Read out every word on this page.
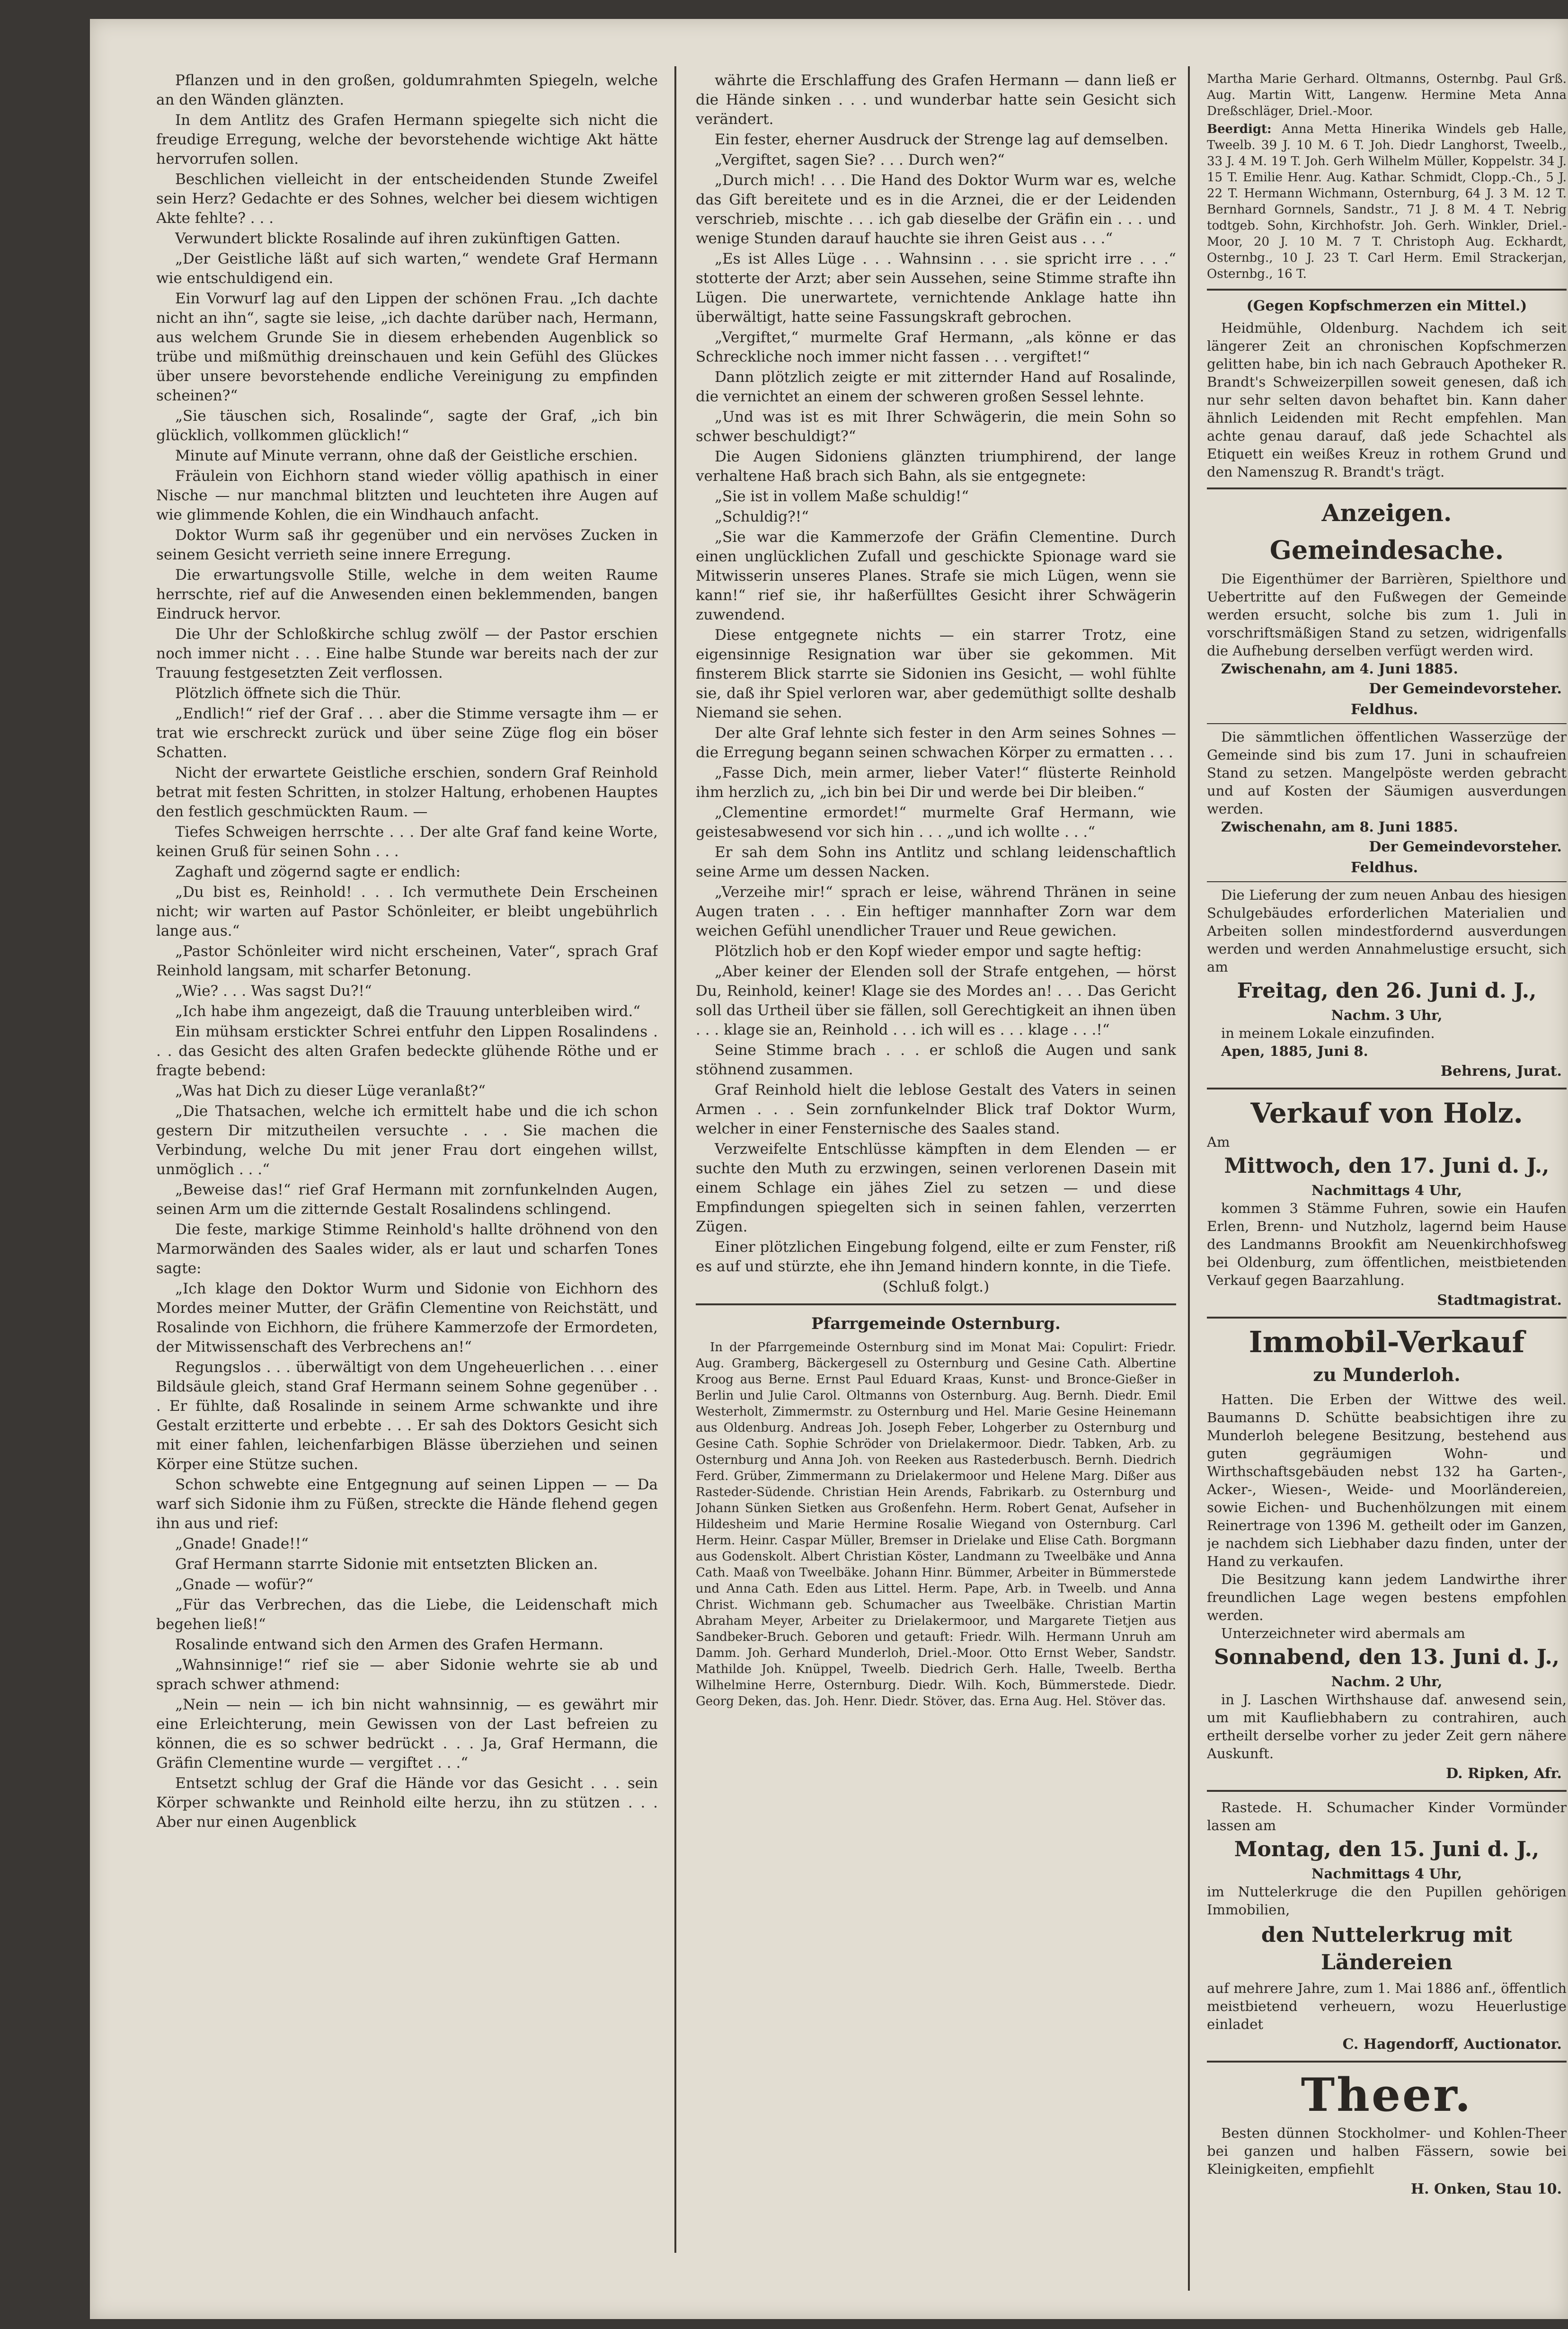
Pflanzen und in den großen, goldumrahmten Spiegeln, welche an den Wänden glänzten.

In dem Antlitz des Grafen Hermann spiegelte sich nicht die freudige Erregung, welche der bevorstehende wichtige Akt hätte hervorrufen sollen.

Beschlichen vielleicht in der entscheidenden Stunde Zweifel sein Herz? Gedachte er des Sohnes, welcher bei diesem wichtigen Akte fehlte? . . .

Verwundert blickte Rosalinde auf ihren zukünftigen Gatten.

„Der Geistliche läßt auf sich warten,“ wendete Graf Hermann wie entschuldigend ein.

Ein Vorwurf lag auf den Lippen der schönen Frau. „Ich dachte nicht an ihn“, sagte sie leise, „ich dachte darüber nach, Hermann, aus welchem Grunde Sie in diesem erhebenden Augenblick so trübe und mißmüthig dreinschauen und kein Gefühl des Glückes über unsere bevorstehende endliche Vereinigung zu empfinden scheinen?“

„Sie täuschen sich, Rosalinde“, sagte der Graf, „ich bin glücklich, vollkommen glücklich!“

Minute auf Minute verrann, ohne daß der Geistliche erschien.

Fräulein von Eichhorn stand wieder völlig apathisch in einer Nische — nur manchmal blitzten und leuchteten ihre Augen auf wie glimmende Kohlen, die ein Windhauch anfacht.

Doktor Wurm saß ihr gegenüber und ein nervöses Zucken in seinem Gesicht verrieth seine innere Erregung.

Die erwartungsvolle Stille, welche in dem weiten Raume herrschte, rief auf die Anwesenden einen beklemmenden, bangen Eindruck hervor.

Die Uhr der Schloßkirche schlug zwölf — der Pastor erschien noch immer nicht . . . Eine halbe Stunde war bereits nach der zur Trauung festgesetzten Zeit verflossen.

Plötzlich öffnete sich die Thür.

„Endlich!“ rief der Graf . . . aber die Stimme versagte ihm — er trat wie erschreckt zurück und über seine Züge flog ein böser Schatten.

Nicht der erwartete Geistliche erschien, sondern Graf Reinhold betrat mit festen Schritten, in stolzer Haltung, erhobenen Hauptes den festlich geschmückten Raum. —

Tiefes Schweigen herrschte . . . Der alte Graf fand keine Worte, keinen Gruß für seinen Sohn . . .

Zaghaft und zögernd sagte er endlich:

„Du bist es, Reinhold! . . . Ich vermuthete Dein Erscheinen nicht; wir warten auf Pastor Schönleiter, er bleibt ungebührlich lange aus.“

„Pastor Schönleiter wird nicht erscheinen, Vater“, sprach Graf Reinhold langsam, mit scharfer Betonung.

„Wie? . . . Was sagst Du?!“

„Ich habe ihm angezeigt, daß die Trauung unterbleiben wird.“

Ein mühsam erstickter Schrei entfuhr den Lippen Rosalindens . . . das Gesicht des alten Grafen bedeckte glühende Röthe und er fragte bebend:

„Was hat Dich zu dieser Lüge veranlaßt?“

„Die Thatsachen, welche ich ermittelt habe und die ich schon gestern Dir mitzutheilen versuchte . . . Sie machen die Verbindung, welche Du mit jener Frau dort eingehen willst, unmöglich . . .“

„Beweise das!“ rief Graf Hermann mit zornfunkelnden Augen, seinen Arm um die zitternde Gestalt Rosalindens schlingend.

Die feste, markige Stimme Reinhold's hallte dröhnend von den Marmorwänden des Saales wider, als er laut und scharfen Tones sagte:

„Ich klage den Doktor Wurm und Sidonie von Eichhorn des Mordes meiner Mutter, der Gräfin Clementine von Reichstätt, und Rosalinde von Eichhorn, die frühere Kammerzofe der Ermordeten, der Mitwissenschaft des Verbrechens an!“

Regungslos . . . überwältigt von dem Ungeheuerlichen . . . einer Bildsäule gleich, stand Graf Hermann seinem Sohne gegenüber . . . Er fühlte, daß Rosalinde in seinem Arme schwankte und ihre Gestalt erzitterte und erbebte . . . Er sah des Doktors Gesicht sich mit einer fahlen, leichenfarbigen Blässe überziehen und seinen Körper eine Stütze suchen.

Schon schwebte eine Entgegnung auf seinen Lippen — — Da warf sich Sidonie ihm zu Füßen, streckte die Hände flehend gegen ihn aus und rief:

„Gnade! Gnade!!“

Graf Hermann starrte Sidonie mit entsetzten Blicken an.

„Gnade — wofür?“

„Für das Verbrechen, das die Liebe, die Leidenschaft mich begehen ließ!“

Rosalinde entwand sich den Armen des Grafen Hermann.

„Wahnsinnige!“ rief sie — aber Sidonie wehrte sie ab und sprach schwer athmend:

„Nein — nein — ich bin nicht wahnsinnig, — es gewährt mir eine Erleichterung, mein Gewissen von der Last befreien zu können, die es so schwer bedrückt . . . Ja, Graf Hermann, die Gräfin Clementine wurde — vergiftet . . .“

Entsetzt schlug der Graf die Hände vor das Gesicht . . . sein Körper schwankte und Reinhold eilte herzu, ihn zu stützen . . . Aber nur einen Augenblick

währte die Erschlaffung des Grafen Hermann — dann ließ er die Hände sinken . . . und wunderbar hatte sein Gesicht sich verändert.

Ein fester, eherner Ausdruck der Strenge lag auf demselben.

„Vergiftet, sagen Sie? . . . Durch wen?“

„Durch mich! . . . Die Hand des Doktor Wurm war es, welche das Gift bereitete und es in die Arznei, die er der Leidenden verschrieb, mischte . . . ich gab dieselbe der Gräfin ein . . . und wenige Stunden darauf hauchte sie ihren Geist aus . . .“

„Es ist Alles Lüge . . . Wahnsinn . . . sie spricht irre . . .“ stotterte der Arzt; aber sein Aussehen, seine Stimme strafte ihn Lügen. Die unerwartete, vernichtende Anklage hatte ihn überwältigt, hatte seine Fassungskraft gebrochen.

„Vergiftet,“ murmelte Graf Hermann, „als könne er das Schreckliche noch immer nicht fassen . . . vergiftet!“

Dann plötzlich zeigte er mit zitternder Hand auf Rosalinde, die vernichtet an einem der schweren großen Sessel lehnte.

„Und was ist es mit Ihrer Schwägerin, die mein Sohn so schwer beschuldigt?“

Die Augen Sidoniens glänzten triumphirend, der lange verhaltene Haß brach sich Bahn, als sie entgegnete:

„Sie ist in vollem Maße schuldig!“

„Schuldig?!“

„Sie war die Kammerzofe der Gräfin Clementine. Durch einen unglücklichen Zufall und geschickte Spionage ward sie Mitwisserin unseres Planes. Strafe sie mich Lügen, wenn sie kann!“ rief sie, ihr haßerfülltes Gesicht ihrer Schwägerin zuwendend.

Diese entgegnete nichts — ein starrer Trotz, eine eigensinnige Resignation war über sie gekommen. Mit finsterem Blick starrte sie Sidonien ins Gesicht, — wohl fühlte sie, daß ihr Spiel verloren war, aber gedemüthigt sollte deshalb Niemand sie sehen.

Der alte Graf lehnte sich fester in den Arm seines Sohnes — die Erregung begann seinen schwachen Körper zu ermatten . . .

„Fasse Dich, mein armer, lieber Vater!“ flüsterte Reinhold ihm herzlich zu, „ich bin bei Dir und werde bei Dir bleiben.“

„Clementine ermordet!“ murmelte Graf Hermann, wie geistesabwesend vor sich hin . . . „und ich wollte . . .“

Er sah dem Sohn ins Antlitz und schlang leidenschaftlich seine Arme um dessen Nacken.

„Verzeihe mir!“ sprach er leise, während Thränen in seine Augen traten . . . Ein heftiger mannhafter Zorn war dem weichen Gefühl unendlicher Trauer und Reue gewichen.

Plötzlich hob er den Kopf wieder empor und sagte heftig:

„Aber keiner der Elenden soll der Strafe entgehen, — hörst Du, Reinhold, keiner! Klage sie des Mordes an! . . . Das Gericht soll das Urtheil über sie fällen, soll Gerechtigkeit an ihnen üben . . . klage sie an, Reinhold . . . ich will es . . . klage . . .!“

Seine Stimme brach . . . er schloß die Augen und sank stöhnend zusammen.

Graf Reinhold hielt die leblose Gestalt des Vaters in seinen Armen . . . Sein zornfunkelnder Blick traf Doktor Wurm, welcher in einer Fensternische des Saales stand.

Verzweifelte Entschlüsse kämpften in dem Elenden — er suchte den Muth zu erzwingen, seinen verlorenen Dasein mit einem Schlage ein jähes Ziel zu setzen — und diese Empfindungen spiegelten sich in seinen fahlen, verzerrten Zügen.

Einer plötzlichen Eingebung folgend, eilte er zum Fenster, riß es auf und stürzte, ehe ihn Jemand hindern konnte, in die Tiefe.

(Schluß folgt.)

Pfarrgemeinde Osternburg.

In der Pfarrgemeinde Osternburg sind im Monat Mai: Copulirt: Friedr. Aug. Gramberg, Bäckergesell zu Osternburg und Gesine Cath. Albertine Kroog aus Berne. Ernst Paul Eduard Kraas, Kunst- und Bronce-Gießer in Berlin und Julie Carol. Oltmanns von Osternburg. Aug. Bernh. Diedr. Emil Westerholt, Zimmermstr. zu Osternburg und Hel. Marie Gesine Heinemann aus Oldenburg. Andreas Joh. Joseph Feber, Lohgerber zu Osternburg und Gesine Cath. Sophie Schröder von Drielakermoor. Diedr. Tabken, Arb. zu Osternburg und Anna Joh. von Reeken aus Rastederbusch. Bernh. Diedrich Ferd. Grüber, Zimmermann zu Drielakermoor und Helene Marg. Dißer aus Rasteder-Südende. Christian Hein Arends, Fabrikarb. zu Osternburg und Johann Sünken Sietken aus Großenfehn. Herm. Robert Genat, Aufseher in Hildesheim und Marie Hermine Rosalie Wiegand von Osternburg. Carl Herm. Heinr. Caspar Müller, Bremser in Drielake und Elise Cath. Borgmann aus Godenskolt. Albert Christian Köster, Landmann zu Tweelbäke und Anna Cath. Maaß von Tweelbäke. Johann Hinr. Bümmer, Arbeiter in Bümmerstede und Anna Cath. Eden aus Littel. Herm. Pape, Arb. in Tweelb. und Anna Christ. Wichmann geb. Schumacher aus Tweelbäke. Christian Martin Abraham Meyer, Arbeiter zu Drielakermoor, und Margarete Tietjen aus Sandbeker-Bruch. Geboren und getauft: Friedr. Wilh. Hermann Unruh am Damm. Joh. Gerhard Munderloh, Driel.-Moor. Otto Ernst Weber, Sandstr. Mathilde Joh. Knüppel, Tweelb. Diedrich Gerh. Halle, Tweelb. Bertha Wilhelmine Herre, Osternburg. Diedr. Wilh. Koch, Bümmerstede. Diedr. Georg Deken, das. Joh. Henr. Diedr. Stöver, das. Erna Aug. Hel. Stöver das.

Martha Marie Gerhard. Oltmanns, Osternbg. Paul Grß. Aug. Martin Witt, Langenw. Hermine Meta Anna Dreßschläger, Driel.-Moor.

Beerdigt: Anna Metta Hinerika Windels geb Halle, Tweelb. 39 J. 10 M. 6 T. Joh. Diedr Langhorst, Tweelb., 33 J. 4 M. 19 T. Joh. Gerh Wilhelm Müller, Koppelstr. 34 J. 15 T. Emilie Henr. Aug. Kathar. Schmidt, Clopp.-Ch., 5 J. 22 T. Hermann Wichmann, Osternburg, 64 J. 3 M. 12 T. Bernhard Gornnels, Sandstr., 71 J. 8 M. 4 T. Nebrig todtgeb. Sohn, Kirchhofstr. Joh. Gerh. Winkler, Driel.-Moor, 20 J. 10 M. 7 T. Christoph Aug. Eckhardt, Osternbg., 10 J. 23 T. Carl Herm. Emil Strackerjan, Osternbg., 16 T.

(Gegen Kopfschmerzen ein Mittel.)

Heidmühle, Oldenburg. Nachdem ich seit längerer Zeit an chronischen Kopfschmerzen gelitten habe, bin ich nach Gebrauch Apotheker R. Brandt's Schweizerpillen soweit genesen, daß ich nur sehr selten davon behaftet bin. Kann daher ähnlich Leidenden mit Recht empfehlen. Man achte genau darauf, daß jede Schachtel als Etiquett ein weißes Kreuz in rothem Grund und den Namenszug R. Brandt's trägt.

Anzeigen.
Gemeindesache.

Die Eigenthümer der Barrièren, Spielthore und Uebertritte auf den Fußwegen der Gemeinde werden ersucht, solche bis zum 1. Juli in vorschriftsmäßigen Stand zu setzen, widrigenfalls die Aufhebung derselben verfügt werden wird.

Zwischenahn, am 4. Juni 1885.

Der Gemeindevorsteher.
Feldhus.

Die sämmtlichen öffentlichen Wasserzüge der Gemeinde sind bis zum 17. Juni in schaufreien Stand zu setzen. Mangelpöste werden gebracht und auf Kosten der Säumigen ausverdungen werden.

Zwischenahn, am 8. Juni 1885.

Der Gemeindevorsteher.
Feldhus.

Die Lieferung der zum neuen Anbau des hiesigen Schulgebäudes erforderlichen Materialien und Arbeiten sollen mindestfordernd ausverdungen werden und werden Annahmelustige ersucht, sich am

Freitag, den 26. Juni d. J.,
Nachm. 3 Uhr,

in meinem Lokale einzufinden.

Apen, 1885, Juni 8.

Behrens, Jurat.
Verkauf von Holz.

Am

Mittwoch, den 17. Juni d. J.,
Nachmittags 4 Uhr,

kommen 3 Stämme Fuhren, sowie ein Haufen Erlen, Brenn- und Nutzholz, lagernd beim Hause des Landmanns Brookfit am Neuenkirchhofsweg bei Oldenburg, zum öffentlichen, meistbietenden Verkauf gegen Baarzahlung.

Stadtmagistrat.
Immobil-Verkauf
zu Munderloh.

Hatten. Die Erben der Wittwe des weil. Baumanns D. Schütte beabsichtigen ihre zu Munderloh belegene Besitzung, bestehend aus guten gegräumigen Wohn- und Wirthschaftsgebäuden nebst 132 ha Garten-, Acker-, Wiesen-, Weide- und Moorländereien, sowie Eichen- und Buchenhölzungen mit einem Reinertrage von 1396 M. getheilt oder im Ganzen, je nachdem sich Liebhaber dazu finden, unter der Hand zu verkaufen.

Die Besitzung kann jedem Landwirthe ihrer freundlichen Lage wegen bestens empfohlen werden.

Unterzeichneter wird abermals am

Sonnabend, den 13. Juni d. J.,
Nachm. 2 Uhr,

in J. Laschen Wirthshause daf. anwesend sein, um mit Kaufliebhabern zu contrahiren, auch ertheilt derselbe vorher zu jeder Zeit gern nähere Auskunft.

D. Ripken, Afr.

Rastede. H. Schumacher Kinder Vormünder lassen am

Montag, den 15. Juni d. J.,
Nachmittags 4 Uhr,

im Nuttelerkruge die den Pupillen gehörigen Immobilien,

den Nuttelerkrug mit Ländereien

auf mehrere Jahre, zum 1. Mai 1886 anf., öffentlich meistbietend verheuern, wozu Heuerlustige einladet

C. Hagendorff, Auctionator.
Theer.

Besten dünnen Stockholmer- und Kohlen-Theer bei ganzen und halben Fässern, sowie bei Kleinigkeiten, empfiehlt

H. Onken, Stau 10.
